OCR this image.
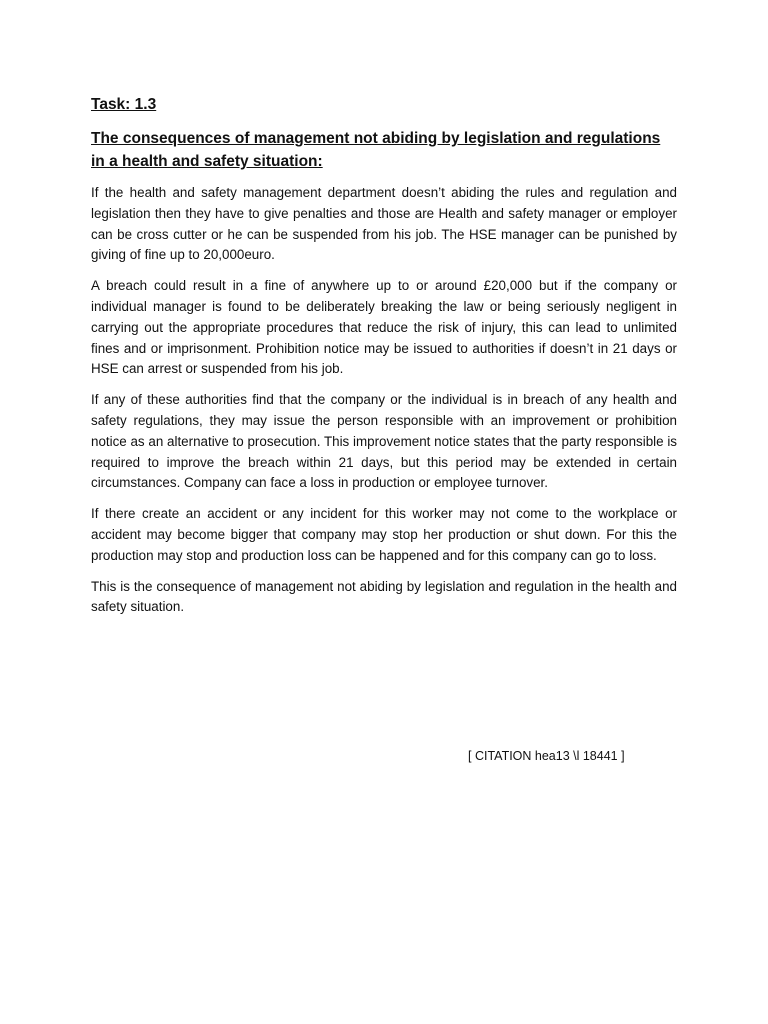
Task: 1.3
The consequences of management not abiding by legislation and regulations in a health and safety situation:

If the health and safety management department doesn’t abiding the rules and regulation and legislation then they have to give penalties and those are Health and safety manager or employer can be cross cutter or he can be suspended from his job. The HSE manager can be punished by giving of fine up to 20,000euro.

A breach could result in a fine of anywhere up to or around £20,000 but if the company or individual manager is found to be deliberately breaking the law or being seriously negligent in carrying out the appropriate procedures that reduce the risk of injury, this can lead to unlimited fines and or imprisonment. Prohibition notice may be issued to authorities if doesn’t in 21 days or HSE can arrest or suspended from his job.

If any of these authorities find that the company or the individual is in breach of any health and safety regulations, they may issue the person responsible with an improvement or prohibition notice as an alternative to prosecution. This improvement notice states that the party responsible is required to improve the breach within 21 days, but this period may be extended in certain circumstances. Company can face a loss in production or employee turnover.

If there create an accident or any incident for this worker may not come to the workplace or accident may become bigger that company may stop her production or shut down. For this the production may stop and production loss can be happened and for this company can go to loss.

This is the consequence of management not abiding by legislation and regulation in the health and safety situation.

[ CITATION hea13 \l 18441 ]
